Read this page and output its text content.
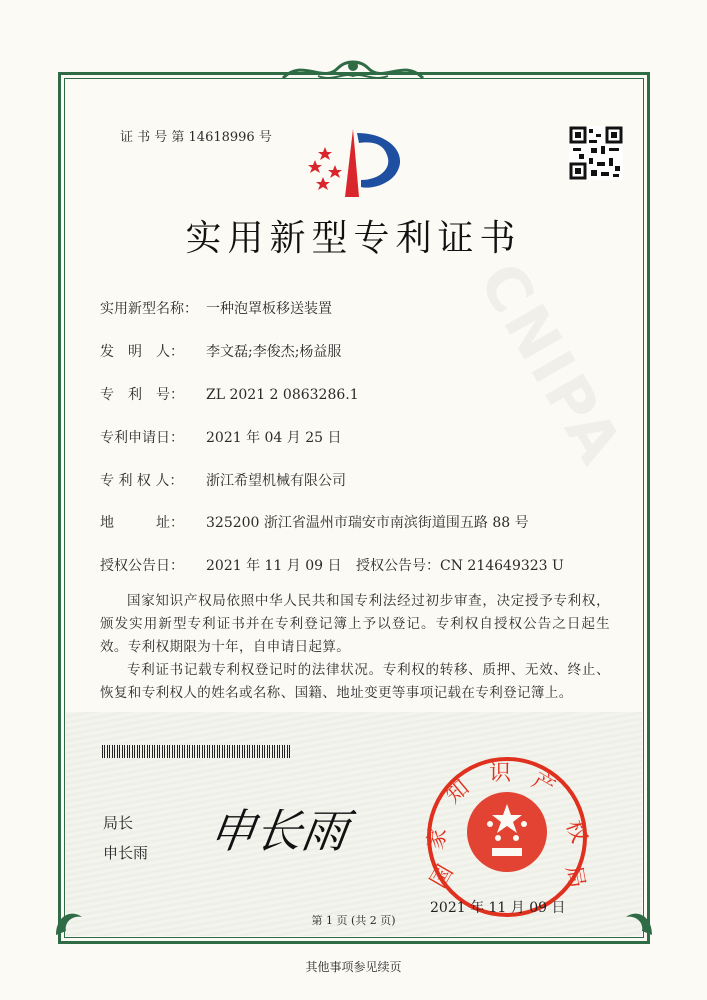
CNIPA
证 书 号 第 14618996 号
实用新型专利证书
实用新型名称： 一种泡罩板移送装置
发　明　人： 李文磊;李俊杰;杨益服
专　利　号： ZL 2021 2 0863286.1
专利申请日： 2021 年 04 月 25 日
专 利 权 人： 浙江希望机械有限公司
地　　　址： 325200 浙江省温州市瑞安市南滨街道围五路 88 号
授权公告日： 2021 年 11 月 09 日 授权公告号：CN 214649323 U
国家知识产权局依照中华人民共和国专利法经过初步审查，决定授予专利权，颁发实用新型专利证书并在专利登记簿上予以登记。专利权自授权公告之日起生效。专利权期限为十年，自申请日起算。
专利证书记载专利权登记时的法律状况。专利权的转移、质押、无效、终止、恢复和专利权人的姓名或名称、国籍、地址变更等事项记载在专利登记簿上。
局长
申长雨 申长雨
国
家
知
识 产
权
局
2021 年 11 月 09 日
第 1 页 (共 2 页)
其他事项参见续页
